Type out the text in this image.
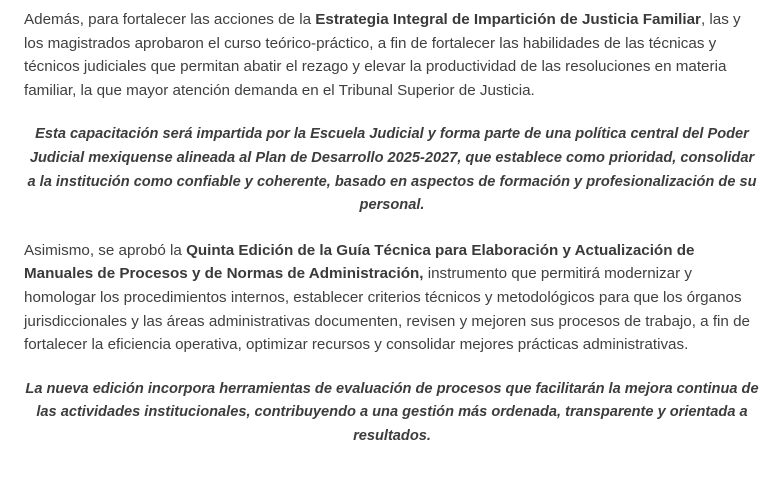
Además, para fortalecer las acciones de la Estrategia Integral de Impartición de Justicia Familiar, las y los magistrados aprobaron el curso teórico-práctico, a fin de fortalecer las habilidades de las técnicas y técnicos judiciales que permitan abatir el rezago y elevar la productividad de las resoluciones en materia familiar, la que mayor atención demanda en el Tribunal Superior de Justicia.

Esta capacitación será impartida por la Escuela Judicial y forma parte de una política central del Poder Judicial mexiquense alineada al Plan de Desarrollo 2025-2027, que establece como prioridad, consolidar a la institución como confiable y coherente, basado en aspectos de formación y profesionalización de su personal.

Asimismo, se aprobó la Quinta Edición de la Guía Técnica para Elaboración y Actualización de Manuales de Procesos y de Normas de Administración, instrumento que permitirá modernizar y homologar los procedimientos internos, establecer criterios técnicos y metodológicos para que los órganos jurisdiccionales y las áreas administrativas documenten, revisen y mejoren sus procesos de trabajo, a fin de fortalecer la eficiencia operativa, optimizar recursos y consolidar mejores prácticas administrativas.

La nueva edición incorpora herramientas de evaluación de procesos que facilitarán la mejora continua de las actividades institucionales, contribuyendo a una gestión más ordenada, transparente y orientada a resultados.
